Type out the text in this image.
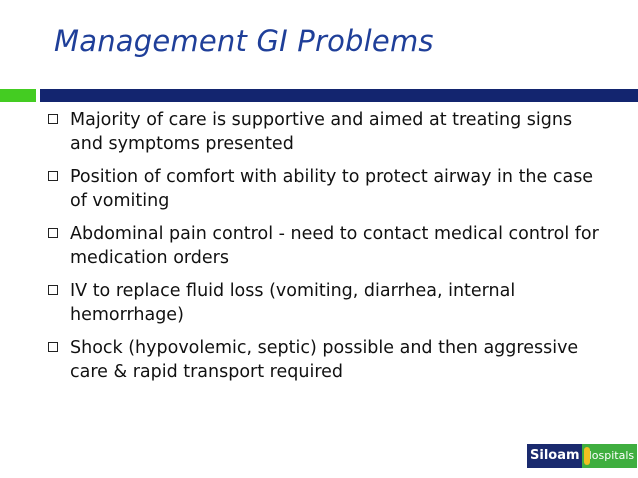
Management GI Problems
Majority of care is supportive and aimed at treating signs and symptoms presented
Position of comfort with ability to protect airway in the case of vomiting
Abdominal pain control - need to contact medical control for medication orders
IV to replace fluid loss (vomiting, diarrhea, internal hemorrhage)
Shock (hypovolemic, septic) possible and then aggressive care & rapid transport required
Siloam Hospitals
